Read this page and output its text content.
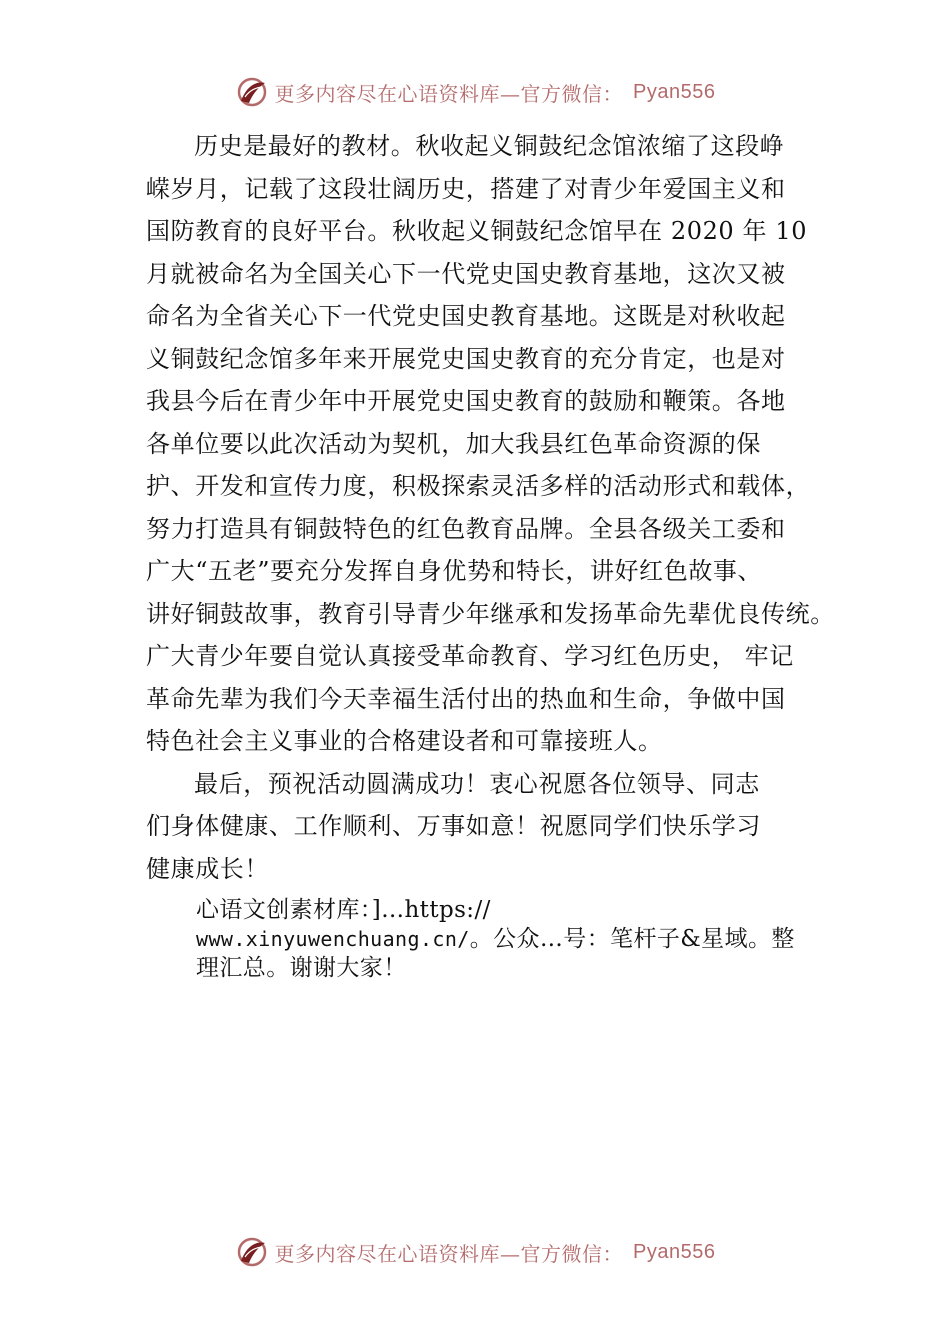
更多内容尽在心语资料库—官方微信： Pyan556

历史是最好的教材。秋收起义铜鼓纪念馆浓缩了这段峥

嵘岁月，记载了这段壮阔历史，搭建了对青少年爱国主义和

国防教育的良好平台。秋收起义铜鼓纪念馆早在 2020 年 10

月就被命名为全国关心下一代党史国史教育基地，这次又被

命名为全省关心下一代党史国史教育基地。这既是对秋收起

义铜鼓纪念馆多年来开展党史国史教育的充分肯定，也是对

我县今后在青少年中开展党史国史教育的鼓励和鞭策。各地

各单位要以此次活动为契机，加大我县红色革命资源的保

护、开发和宣传力度，积极探索灵活多样的活动形式和载体，

努力打造具有铜鼓特色的红色教育品牌。全县各级关工委和

广大“五老”要充分发挥自身优势和特长，讲好红色故事、

讲好铜鼓故事，教育引导青少年继承和发扬革命先辈优良传统。

广大青少年要自觉认真接受革命教育、学习红色历史， 牢记

革命先辈为我们今天幸福生活付出的热血和生命，争做中国

特色社会主义事业的合格建设者和可靠接班人。

最后，预祝活动圆满成功！衷心祝愿各位领导、同志

们身体健康、工作顺利、万事如意！祝愿同学们快乐学习

健康成长！

心语文创素材库：]…https://
www.xinyuwenchuang.cn/。公众…号：笔杆子&星域。整
理汇总。谢谢大家！
更多内容尽在心语资料库—官方微信： Pyan556
